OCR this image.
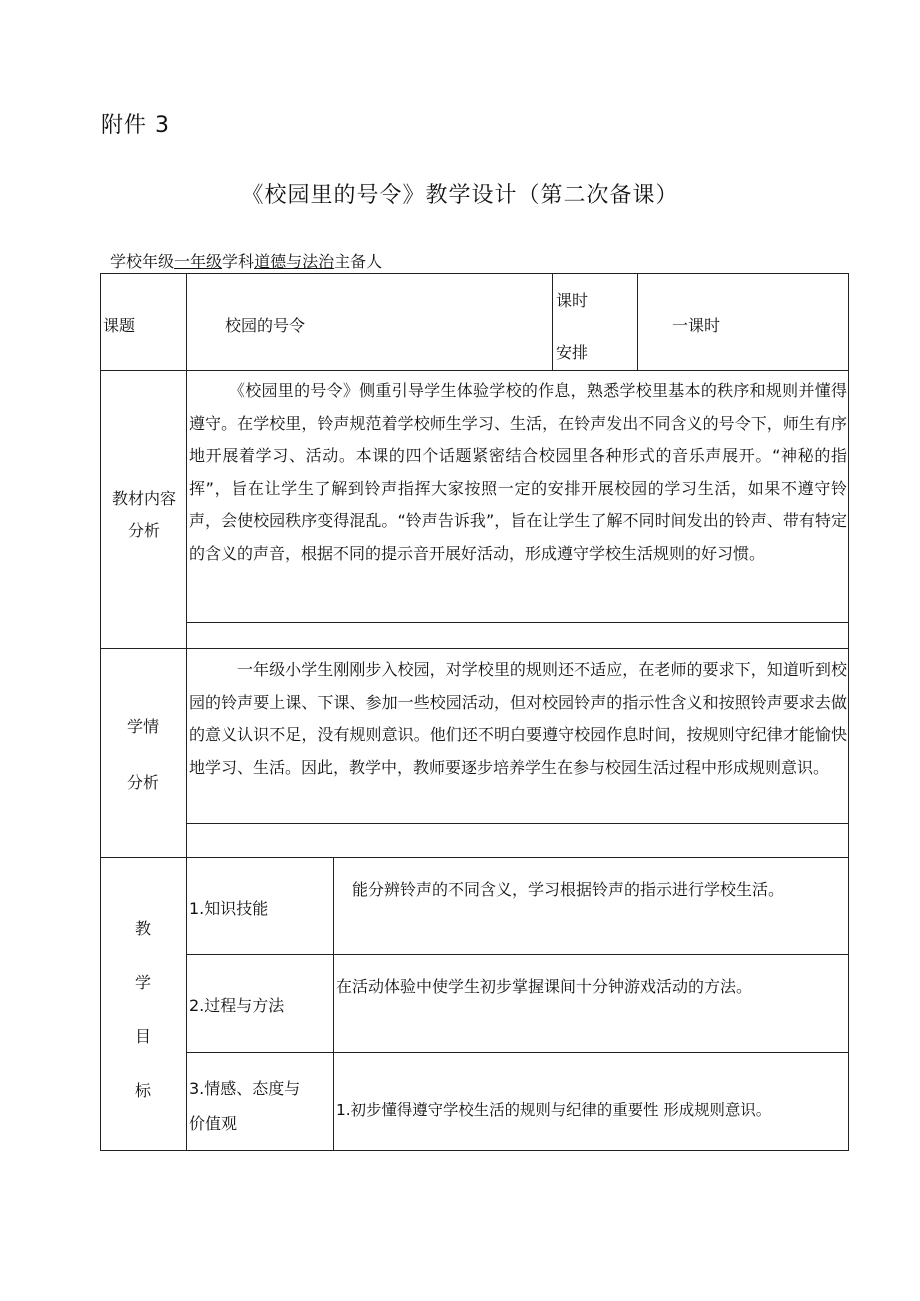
附件 3
《校园里的号令》教学设计（第二次备课）
学校年级一年级学科道德与法治主备人
课题	校园的号令
课时
安排
一课时
教材内容
分析
《校园里的号令》侧重引导学生体验学校的作息，熟悉学校里基本的秩序和规则并懂得遵守。在学校里，铃声规范着学校师生学习、生活，在铃声发出不同含义的号令下，师生有序地开展着学习、活动。本课的四个话题紧密结合校园里各种形式的音乐声展开。“神秘的指挥”，旨在让学生了解到铃声指挥大家按照一定的安排开展校园的学习生活，如果不遵守铃声，会使校园秩序变得混乱。“铃声告诉我”，旨在让学生了解不同时间发出的铃声、带有特定的含义的声音，根据不同的提示音开展好活动，形成遵守学校生活规则的好习惯。
学情
分析
一年级小学生刚刚步入校园，对学校里的规则还不适应，在老师的要求下，知道听到校园的铃声要上课、下课、参加一些校园活动，但对校园铃声的指示性含义和按照铃声要求去做的意义认识不足，没有规则意识。他们还不明白要遵守校园作息时间，按规则守纪律才能愉快地学习、生活。因此，教学中，教师要逐步培养学生在参与校园生活过程中形成规则意识。
教
学
目
标
1.知识技能
能分辨铃声的不同含义，学习根据铃声的指示进行学校生活。
2.过程与方法
在活动体验中使学生初步掌握课间十分钟游戏活动的方法。
3.情感、态度与
价值观
1.初步懂得遵守学校生活的规则与纪律的重要性 形成规则意识。
